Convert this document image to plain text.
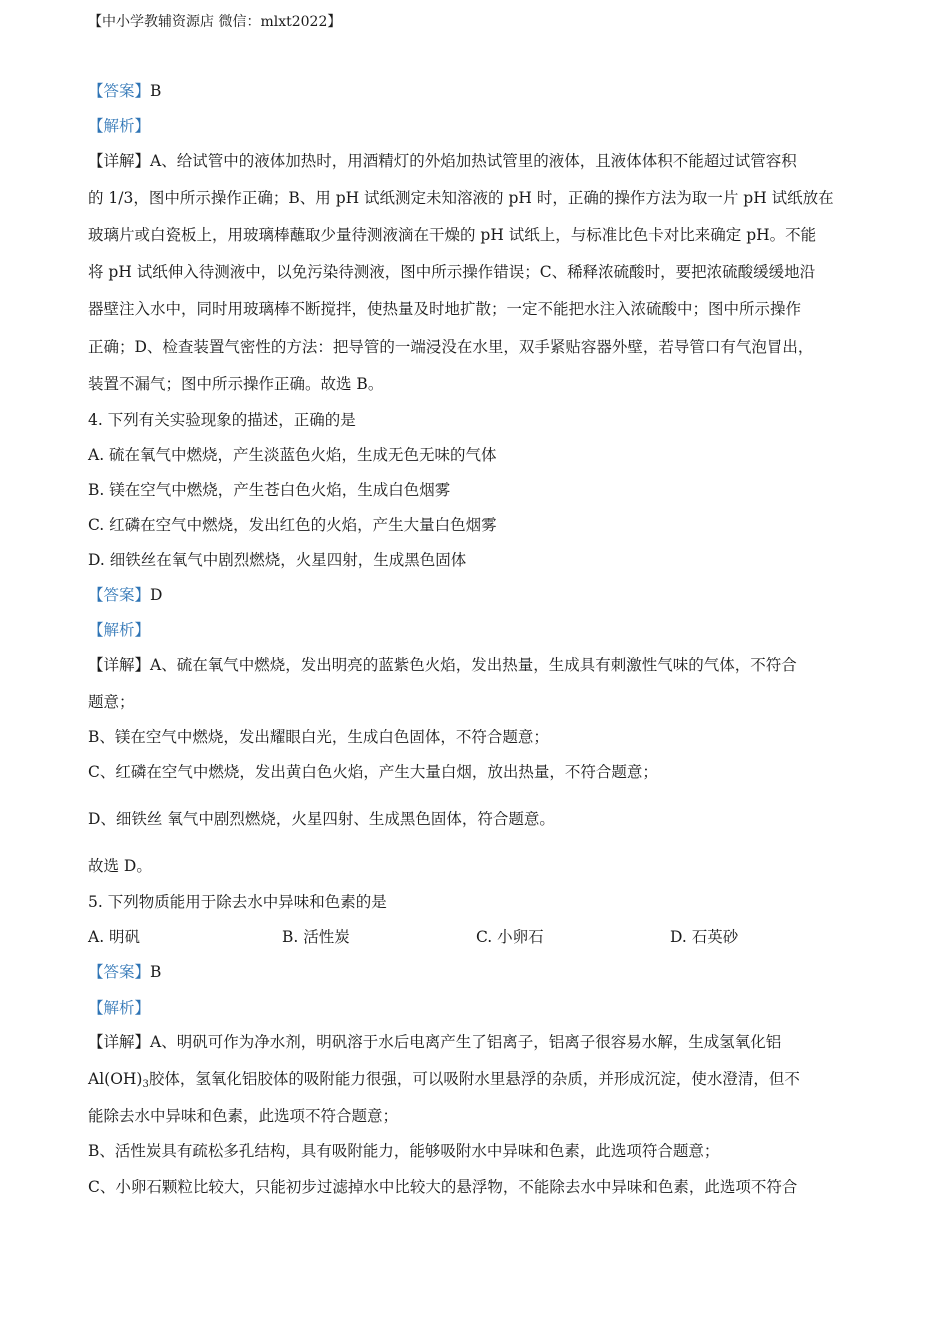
【中小学教辅资源店 微信：mlxt2022】
【答案】B
【解析】
【详解】A、给试管中的液体加热时，用酒精灯的外焰加热试管里的液体，且液体体积不能超过试管容积
的 1/3，图中所示操作正确；B、用 pH 试纸测定未知溶液的 pH 时，正确的操作方法为取一片 pH 试纸放在
玻璃片或白瓷板上，用玻璃棒蘸取少量待测液滴在干燥的 pH 试纸上，与标准比色卡对比来确定 pH。不能
将 pH 试纸伸入待测液中，以免污染待测液，图中所示操作错误；C、稀释浓硫酸时，要把浓硫酸缓缓地沿
器壁注入水中，同时用玻璃棒不断搅拌，使热量及时地扩散；一定不能把水注入浓硫酸中；图中所示操作
正确；D、检查装置气密性的方法：把导管的一端浸没在水里，双手紧贴容器外壁，若导管口有气泡冒出，
装置不漏气；图中所示操作正确。故选 B。
4. 下列有关实验现象的描述，正确的是
A. 硫在氧气中燃烧，产生淡蓝色火焰，生成无色无味的气体
B. 镁在空气中燃烧，产生苍白色火焰，生成白色烟雾
C. 红磷在空气中燃烧，发出红色的火焰，产生大量白色烟雾
D. 细铁丝在氧气中剧烈燃烧，火星四射，生成黑色固体
【答案】D
【解析】
【详解】A、硫在氧气中燃烧，发出明亮的蓝紫色火焰，发出热量，生成具有刺激性气味的气体，不符合
题意；
B、镁在空气中燃烧，发出耀眼白光，生成白色固体，不符合题意；
C、红磷在空气中燃烧，发出黄白色火焰，产生大量白烟，放出热量，不符合题意；
D、细铁丝 氧气中剧烈燃烧，火星四射、生成黑色固体，符合题意。
故选 D。
5. 下列物质能用于除去水中异味和色素的是
A. 明矾	B. 活性炭	C. 小卵石	D. 石英砂
【答案】B
【解析】
【详解】A、明矾可作为净水剂，明矾溶于水后电离产生了铝离子，铝离子很容易水解，生成氢氧化铝
$Al(OH)_3$胶体，氢氧化铝胶体的吸附能力很强，可以吸附水里悬浮的杂质，并形成沉淀，使水澄清，但不
能除去水中异味和色素，此选项不符合题意；
B、活性炭具有疏松多孔结构，具有吸附能力，能够吸附水中异味和色素，此选项符合题意；
C、小卵石颗粒比较大，只能初步过滤掉水中比较大的悬浮物，不能除去水中异味和色素，此选项不符合
